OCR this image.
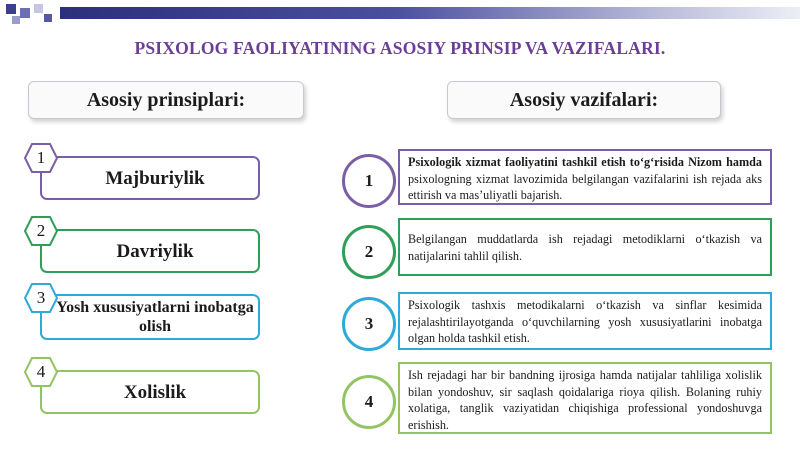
PSIXOLOG FAOLIYATINING ASOSIY PRINSIP VA VAZIFALARI.
Asosiy prinsiplari:	Asosiy vazifalari:
Majburiylik
1
Davriylik
2
Yosh xususiyatlarni inobatga olish
3
Xolislik
4
Psixologik xizmat faoliyatini tashkil etish to‘g‘risida Nizom hamda psixologning xizmat lavozimida belgilangan vazifalarini ish rejada aks ettirish va mas’uliyatli bajarish.
1
Belgilangan muddatlarda ish rejadagi metodiklarni o‘tkazish va natijalarini tahlil qilish.
2
Psixologik tashxis metodikalarni o‘tkazish va sinflar kesimida rejalashtirilayotganda o‘quvchilarning yosh xususiyatlarini inobatga olgan holda tashkil etish.
3
Ish rejadagi har bir bandning ijrosiga hamda natijalar tahliliga xolislik bilan yondoshuv, sir saqlash qoidalariga rioya qilish. Bolaning ruhiy xolatiga, tanglik vaziyatidan chiqishiga professional yondoshuvga erishish.
4
